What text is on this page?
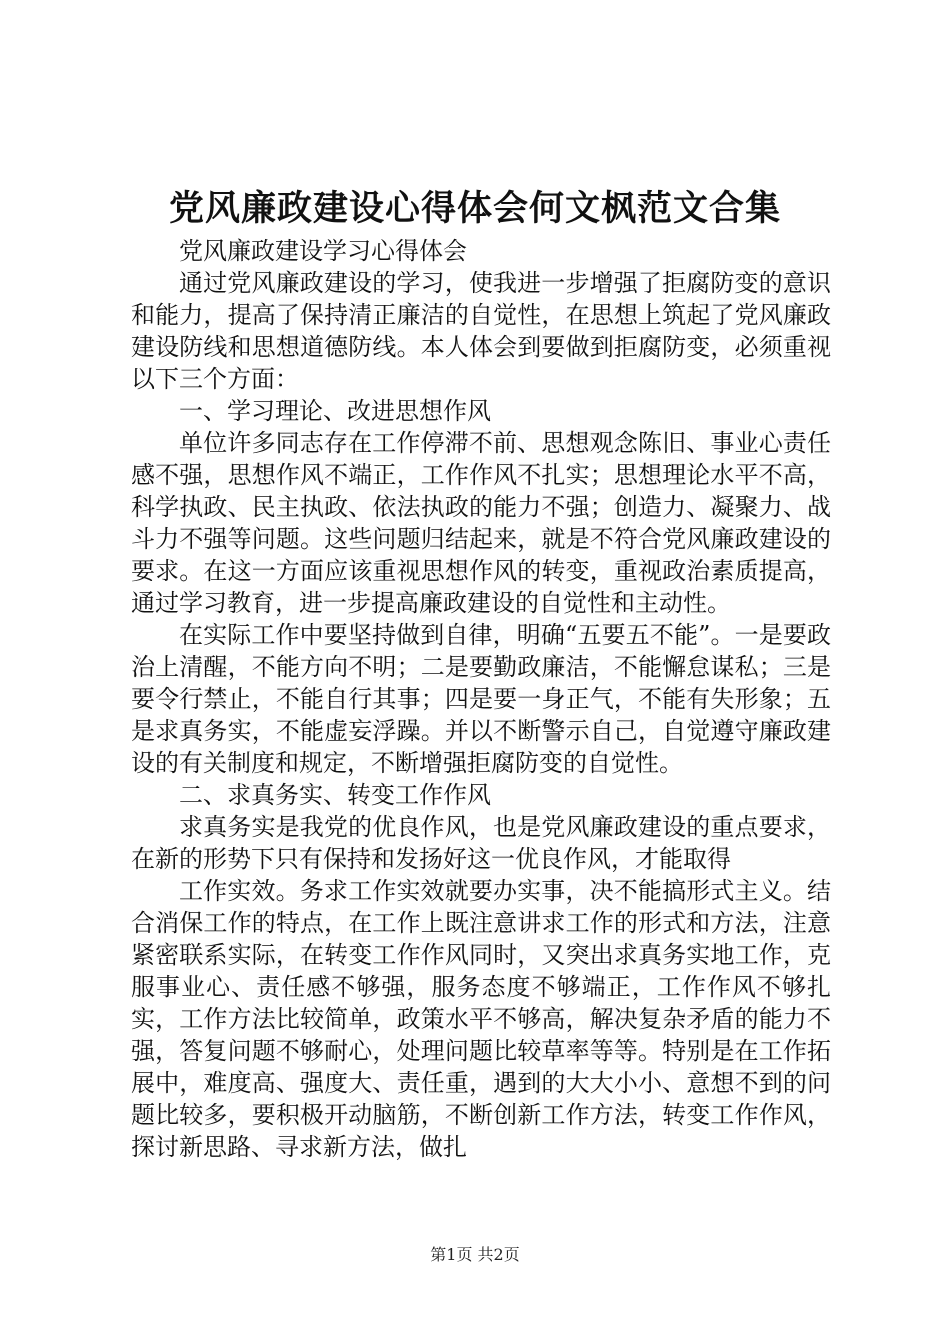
党风廉政建设心得体会何文枫范文合集

党风廉政建设学习心得体会

通过党风廉政建设的学习，使我进一步增强了拒腐防变的意识和能力，提高了保持清正廉洁的自觉性，在思想上筑起了党风廉政建设防线和思想道德防线。本人体会到要做到拒腐防变，必须重视以下三个方面：

一、学习理论、改进思想作风

单位许多同志存在工作停滞不前、思想观念陈旧、事业心责任感不强，思想作风不端正，工作作风不扎实；思想理论水平不高，科学执政、民主执政、依法执政的能力不强；创造力、凝聚力、战斗力不强等问题。这些问题归结起来，就是不符合党风廉政建设的要求。在这一方面应该重视思想作风的转变，重视政治素质提高，通过学习教育，进一步提高廉政建设的自觉性和主动性。

在实际工作中要坚持做到自律，明确“五要五不能”。一是要政治上清醒，不能方向不明；二是要勤政廉洁，不能懈怠谋私；三是要令行禁止，不能自行其事；四是要一身正气，不能有失形象；五是求真务实，不能虚妄浮躁。并以不断警示自己，自觉遵守廉政建设的有关制度和规定，不断增强拒腐防变的自觉性。

二、求真务实、转变工作作风

求真务实是我党的优良作风，也是党风廉政建设的重点要求，在新的形势下只有保持和发扬好这一优良作风，才能取得

工作实效。务求工作实效就要办实事，决不能搞形式主义。结合消保工作的特点，在工作上既注意讲求工作的形式和方法，注意紧密联系实际，在转变工作作风同时，又突出求真务实地工作，克服事业心、责任感不够强，服务态度不够端正，工作作风不够扎实，工作方法比较简单，政策水平不够高，解决复杂矛盾的能力不强，答复问题不够耐心，处理问题比较草率等等。特别是在工作拓展中，难度高、强度大、责任重，遇到的大大小小、意想不到的问题比较多，要积极开动脑筋，不断创新工作方法，转变工作作风，探讨新思路、寻求新方法，做扎

第1页 共2页
